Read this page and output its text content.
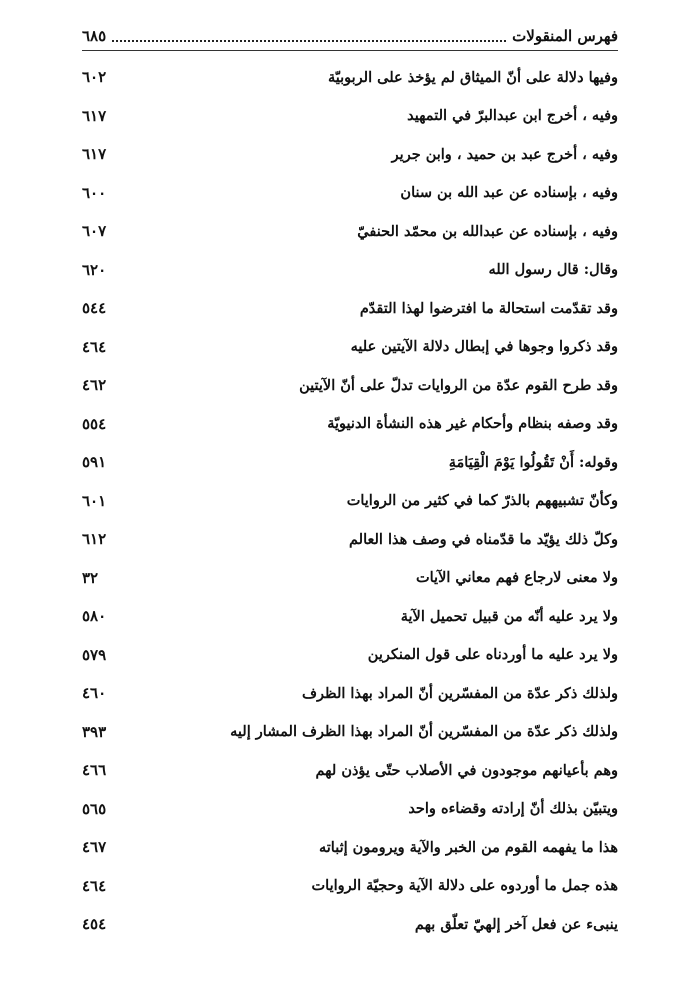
فهرس المنقولات
٦٨٥
وفيها دلالة على أنّ الميثاق لم يؤخذ على الربوبيّة
٦٠٢
وفيه ، أخرج ابن عبدالبرّ في التمهيد
٦١٧
وفيه ، أخرج عبد بن حميد ، وابن جرير
٦١٧
وفيه ، بإسناده عن عبد الله بن سنان
٦٠٠
وفيه ، بإسناده عن عبدالله بن محمّد الحنفيّ
٦٠٧
وقال: قال رسول الله
٦٢٠
وقد تقدّمت استحالة ما افترضوا لهذا التقدّم
٥٤٤
وقد ذكروا وجوها في إبطال دلالة الآيتين عليه
٤٦٤
وقد طرح القوم عدّة من الروايات تدلّ على أنّ الآيتين
٤٦٢
وقد وصفه بنظام وأحكام غير هذه النشأة الدنيويّة
٥٥٤
وقوله: أَنْ تَقُولُوا يَوْمَ الْقِيَامَةِ
٥٩١
وكأنّ تشبيههم بالذرّ كما في كثير من الروايات
٦٠١
وكلّ ذلك يؤيّد ما قدّمناه في وصف هذا العالم
٦١٢
ولا معنى لارجاع فهم معاني الآيات
٣٢
ولا يرد عليه أنّه من قبيل تحميل الآية
٥٨٠
ولا يرد عليه ما أوردناه على قول المنكرين
٥٧٩
ولذلك ذكر عدّة من المفسّرين أنّ المراد بهذا الظرف
٤٦٠
ولذلك ذكر عدّة من المفسّرين أنّ المراد بهذا الظرف المشار إليه
٣٩٣
وهم بأعيانهم موجودون في الأصلاب حتّى يؤذن لهم
٤٦٦
ويتبيّن بذلك أنّ إرادته وقضاءه واحد
٥٦٥
هذا ما يفهمه القوم من الخبر والآية ويرومون إثباته
٤٦٧
هذه جمل ما أوردوه على دلالة الآية وحجيّة الروايات
٤٦٤
ينبىء عن فعل آخر إلهيّ تعلّق بهم
٤٥٤
